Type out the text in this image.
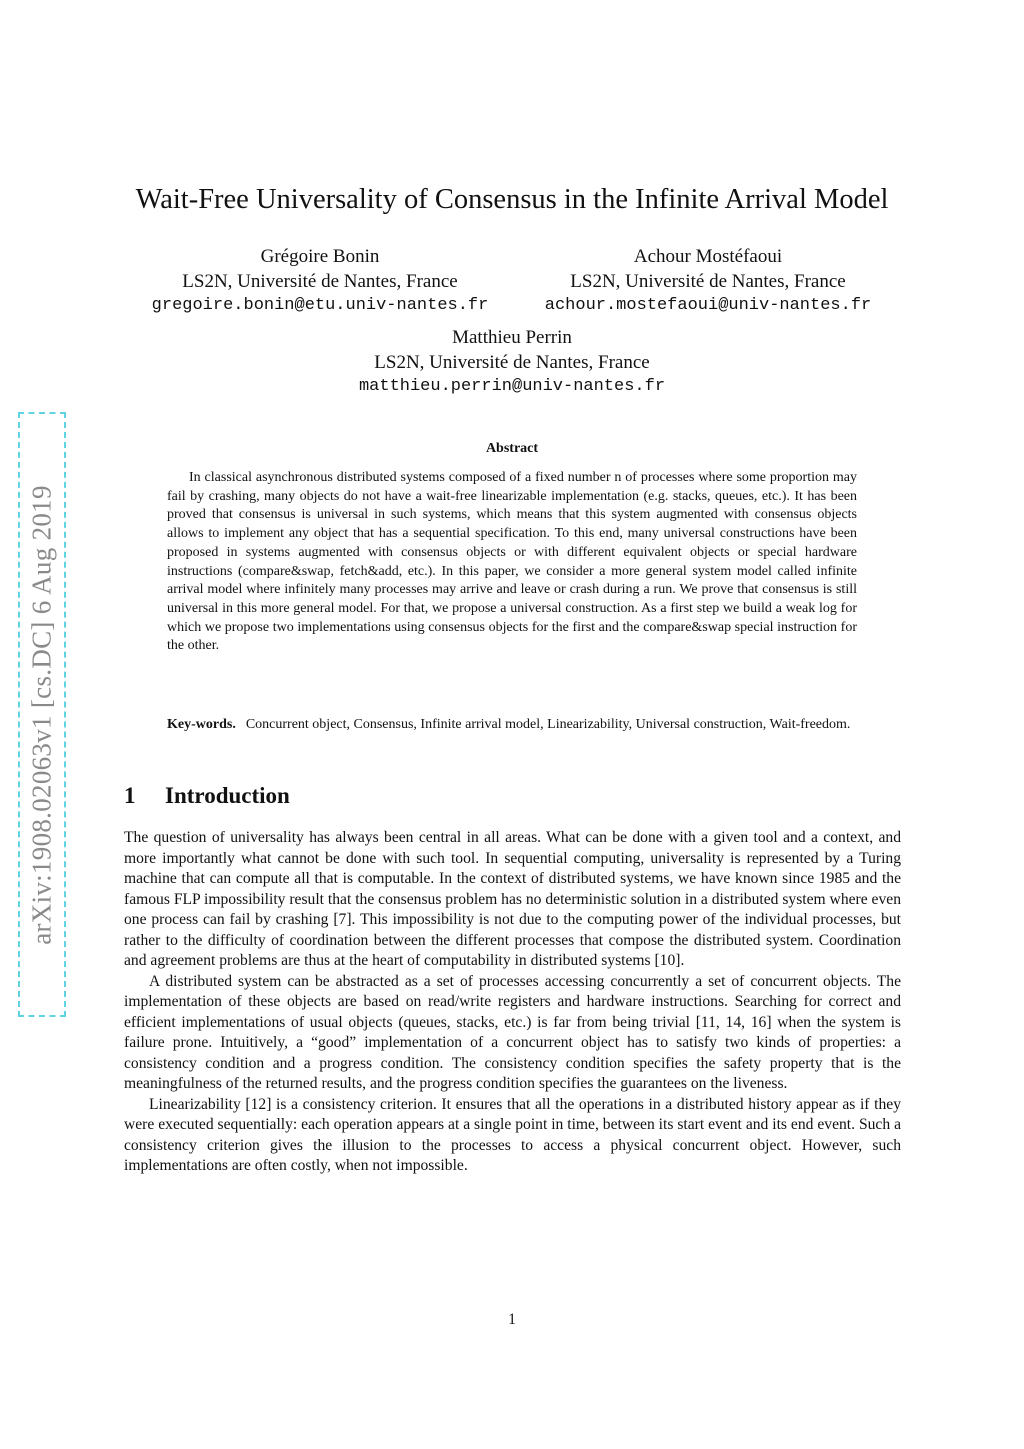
arXiv:1908.02063v1 [cs.DC] 6 Aug 2019
Wait-Free Universality of Consensus in the Infinite Arrival Model
Grégoire Bonin
LS2N, Université de Nantes, France
gregoire.bonin@etu.univ-nantes.fr
Achour Mostéfaoui
LS2N, Université de Nantes, France
achour.mostefaoui@univ-nantes.fr
Matthieu Perrin
LS2N, Université de Nantes, France
matthieu.perrin@univ-nantes.fr
Abstract

In classical asynchronous distributed systems composed of a fixed number n of processes where some proportion may fail by crashing, many objects do not have a wait-free linearizable implementation (e.g. stacks, queues, etc.). It has been proved that consensus is universal in such systems, which means that this system augmented with consensus objects allows to implement any object that has a sequential specification. To this end, many universal constructions have been proposed in systems augmented with consensus objects or with different equivalent objects or special hardware instructions (compare&swap, fetch&add, etc.). In this paper, we consider a more general system model called infinite arrival model where infinitely many processes may arrive and leave or crash during a run. We prove that consensus is still universal in this more general model. For that, we propose a universal construction. As a first step we build a weak log for which we propose two implementations using consensus objects for the first and the compare&swap special instruction for the other.

Key-words. Concurrent object, Consensus, Infinite arrival model, Linearizability, Universal construction, Wait-freedom.

1 Introduction

The question of universality has always been central in all areas. What can be done with a given tool and a context, and more importantly what cannot be done with such tool. In sequential computing, universality is represented by a Turing machine that can compute all that is computable. In the context of distributed systems, we have known since 1985 and the famous FLP impossibility result that the consensus problem has no deterministic solution in a distributed system where even one process can fail by crashing [7]. This impossibility is not due to the computing power of the individual processes, but rather to the difficulty of coordination between the different processes that compose the distributed system. Coordination and agreement problems are thus at the heart of computability in distributed systems [10].

A distributed system can be abstracted as a set of processes accessing concurrently a set of concurrent objects. The implementation of these objects are based on read/write registers and hardware instructions. Searching for correct and efficient implementations of usual objects (queues, stacks, etc.) is far from being trivial [11, 14, 16] when the system is failure prone. Intuitively, a “good” implementation of a concurrent object has to satisfy two kinds of properties: a consistency condition and a progress condition. The consistency condition specifies the safety property that is the meaningfulness of the returned results, and the progress condition specifies the guarantees on the liveness.

Linearizability [12] is a consistency criterion. It ensures that all the operations in a distributed history appear as if they were executed sequentially: each operation appears at a single point in time, between its start event and its end event. Such a consistency criterion gives the illusion to the processes to access a physical concurrent object. However, such implementations are often costly, when not impossible.

1
